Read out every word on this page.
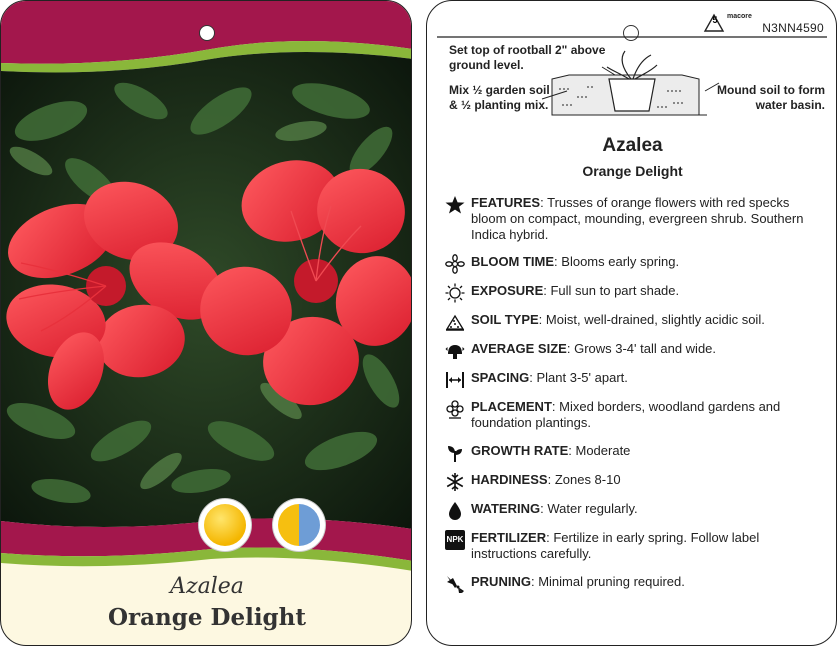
Azalea
Orange Delight
5	macore
N3NN4590
Set top of rootball 2" above ground level.
Mix ½ garden soil & ½ planting mix.
Mound soil to form water basin.
Azalea
Orange Delight
FEATURES: Trusses of orange flowers with red specks bloom on compact, mounding, evergreen shrub. Southern Indica hybrid.
BLOOM TIME: Blooms early spring.
EXPOSURE: Full sun to part shade.
SOIL TYPE: Moist, well-drained, slightly acidic soil.
AVERAGE SIZE: Grows 3-4' tall and wide.
SPACING: Plant 3-5' apart.
PLACEMENT: Mixed borders, woodland gardens and foundation plantings.
GROWTH RATE: Moderate
HARDINESS: Zones 8-10
WATERING: Water regularly.
NPK FERTILIZER: Fertilize in early spring. Follow label instructions carefully.
PRUNING: Minimal pruning required.
